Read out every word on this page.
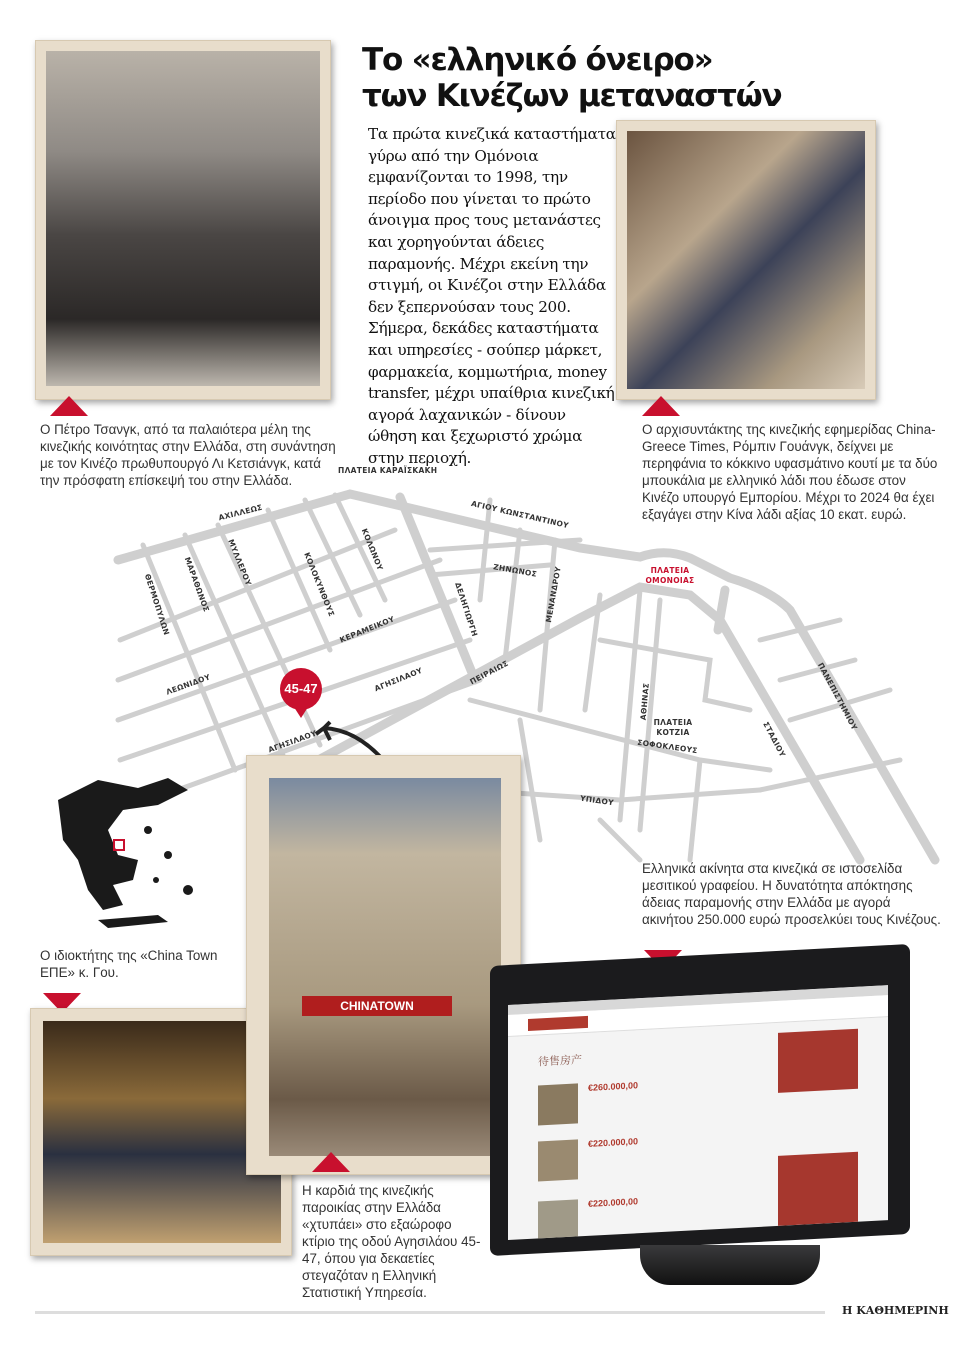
Το «ελληνικό όνειρο»
των Κινέζων μεταναστών
Τα πρώτα κινεζικά καταστήματα γύρω από την Ομόνοια εμφανίζονται το 1998, την περίοδο που γίνεται το πρώτο άνοιγμα προς τους μετανάστες και χορηγούνται άδειες παραμονής. Μέχρι εκείνη την στιγμή, οι Κινέζοι στην Ελλάδα δεν ξεπερνούσαν τους 200. Σήμερα, δεκάδες καταστήματα και υπηρεσίες - σούπερ μάρκετ, φαρμακεία, κομμωτήρια, money transfer, μέχρι υπαίθρια κινεζική αγορά λαχανικών - δίνουν ώθηση και ξεχωριστό χρώμα στην περιοχή.
Ο Πέτρο Τσανγκ, από τα παλαιότερα μέλη της κινεζικής κοινότητας στην Ελλάδα, στη συνάντηση με τον Κινέζο πρωθυπουργό Λι Κετσιάνγκ, κατά την πρόσφατη επίσκεψή του στην Ελλάδα.
Ο αρχισυντάκτης της κινεζικής εφημερίδας China-Greece Times, Ρόμπιν Γουάνγκ, δείχνει με περηφάνια το κόκκινο υφασμάτινο κουτί με τα δύο μπουκάλια με ελληνικό λάδι που έδωσε στον Κινέζο υπουργό Εμπορίου. Μέχρι το 2024 θα έχει εξαγάγει στην Κίνα λάδι αξίας 10 εκατ. ευρώ.
ΠΛΑΤΕΙΑ ΚΑΡΑΪΣΚΑΚΗ
ΑΧΙΛΛΕΩΣ	ΑΓΙΟΥ ΚΩΝΣΤΑΝΤΙΝΟΥ
ΠΛΑΤΕΙΑ ΟΜΟΝΟΙΑΣ
ΘΕΡΜΟΠΥΛΩΝ ΜΑΡΑΘΩΝΟΣ ΜΥΛΛΕΡΟΥ	ΚΟΛΟΚΥΝΘΟΥΣ
ΚΟΛΩΝΟΥ	ΖΗΝΩΝΟΣ ΜΕΝΑΝΔΡΟΥ
ΔΕΛΗΓΙΩΡΓΗ
ΚΕΡΑΜΕΙΚΟΥ
ΛΕΩΝΙΔΟΥ	ΑΓΗΣΙΛΑΟΥ
ΑΓΗΣΙΛΑΟΥ
ΠΕΙΡΑΙΩΣ
ΑΘΗΝΑΣ
ΠΛΑΤΕΙΑ ΚΟΤΖΙΑ
ΣΟΦΟΚΛΕΟΥΣ	ΣΤΑΔΙΟΥ
ΠΑΝΕΠΙΣΤΗΜΙΟΥ
ΥΠΙΔΟΥ
45-47
Ο ιδιοκτήτης της «China Town ΕΠΕ» κ. Γου.
CHINATOWN
Η καρδιά της κινεζικής παροικίας στην Ελλάδα «χτυπάει» στο εξαώροφο κτίριο της οδού Αγησιλάου 45-47, όπου για δεκαετίες στεγαζόταν η Ελληνική Στατιστική Υπηρεσία.
Ελληνικά ακίνητα στα κινεζικά σε ιστοσελίδα μεσιτικού γραφείου. Η δυνατότητα απόκτησης άδειας παραμονής στην Ελλάδα με αγορά ακινήτου 250.000 ευρώ προσελκύει τους Κινέζους.
待售房产
€260.000,00
€220.000,00
€220.000,00
Η ΚΑΘΗΜΕΡΙΝΗ
